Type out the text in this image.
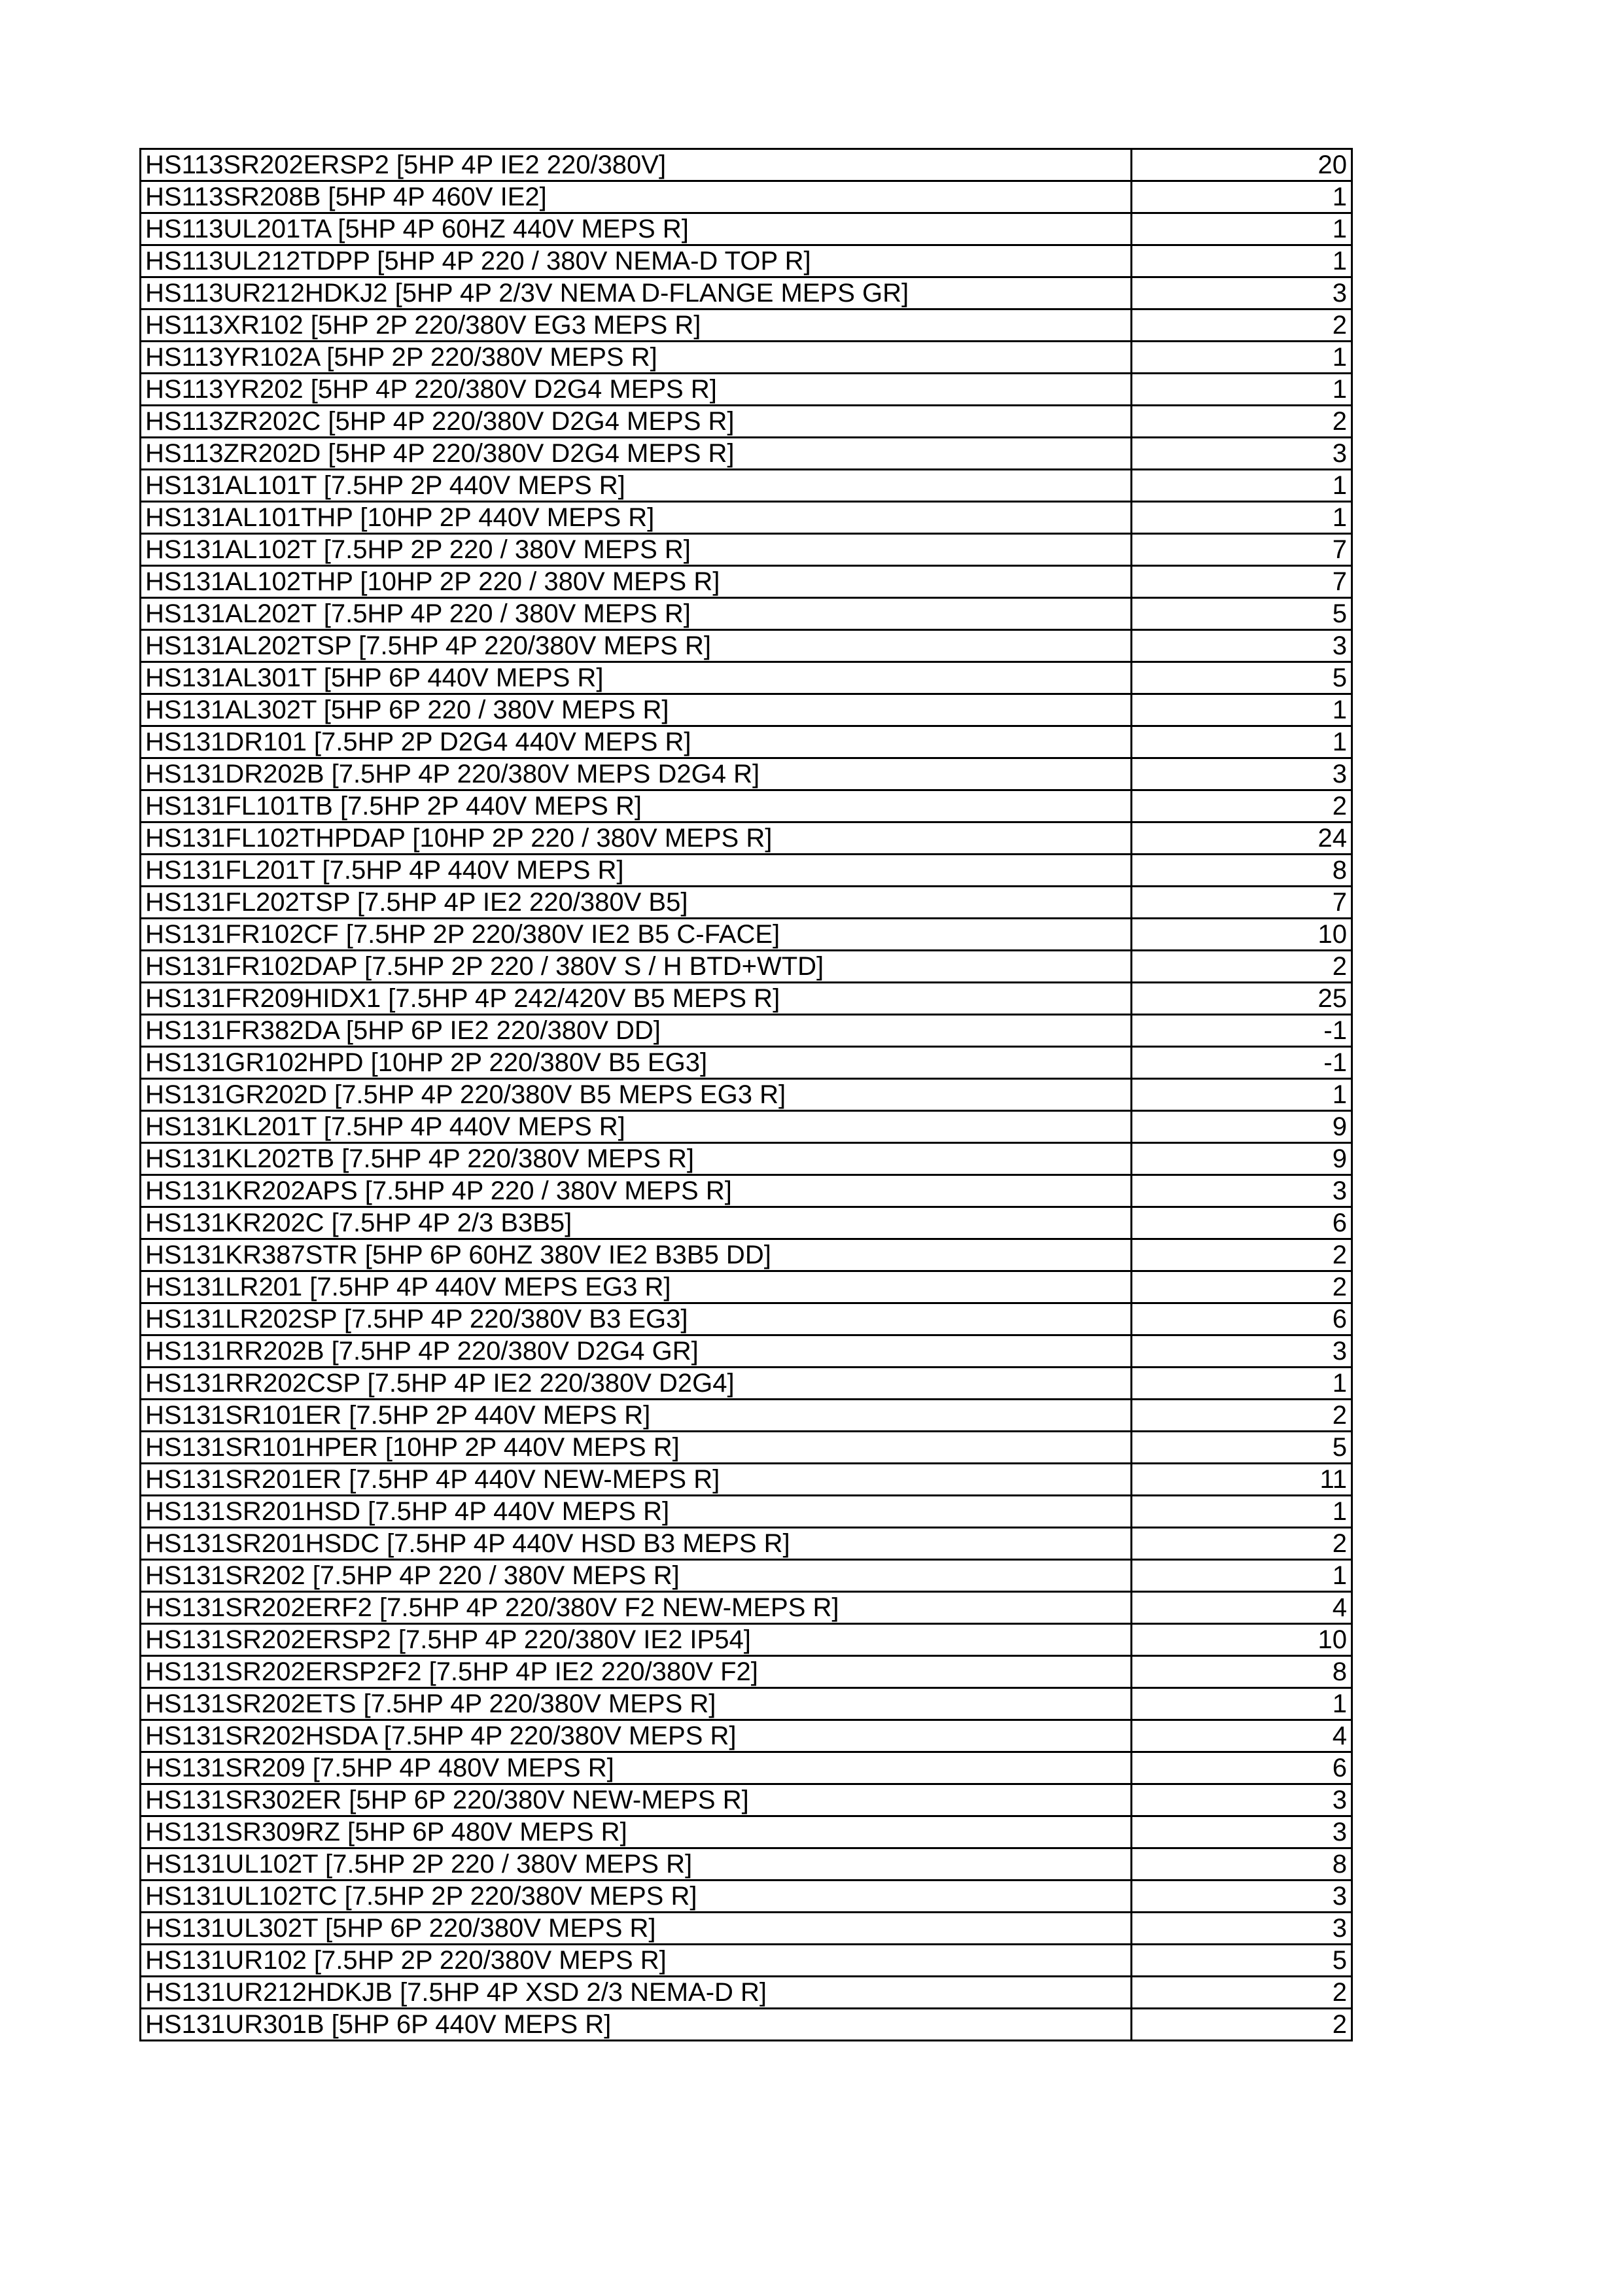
HS113SR202ERSP2 [5HP 4P IE2 220/380V]	20
HS113SR208B [5HP 4P 460V IE2]	1
HS113UL201TA [5HP 4P 60HZ 440V MEPS R]	1
HS113UL212TDPP [5HP 4P 220 / 380V NEMA-D TOP R]	1
HS113UR212HDKJ2 [5HP 4P 2/3V NEMA D-FLANGE MEPS GR]	3
HS113XR102 [5HP 2P 220/380V EG3 MEPS R]	2
HS113YR102A [5HP 2P 220/380V MEPS R]	1
HS113YR202 [5HP 4P 220/380V D2G4 MEPS R]	1
HS113ZR202C [5HP 4P 220/380V D2G4 MEPS R]	2
HS113ZR202D [5HP 4P 220/380V D2G4 MEPS R]	3
HS131AL101T [7.5HP 2P 440V MEPS R]	1
HS131AL101THP [10HP 2P 440V MEPS R]	1
HS131AL102T [7.5HP 2P 220 / 380V MEPS R]	7
HS131AL102THP [10HP 2P 220 / 380V MEPS R]	7
HS131AL202T [7.5HP 4P 220 / 380V MEPS R]	5
HS131AL202TSP [7.5HP 4P 220/380V MEPS R]	3
HS131AL301T [5HP 6P 440V MEPS R]	5
HS131AL302T [5HP 6P 220 / 380V MEPS R]	1
HS131DR101 [7.5HP 2P D2G4 440V MEPS R]	1
HS131DR202B [7.5HP 4P 220/380V MEPS D2G4 R]	3
HS131FL101TB [7.5HP 2P 440V MEPS R]	2
HS131FL102THPDAP [10HP 2P 220 / 380V MEPS R]	24
HS131FL201T [7.5HP 4P 440V MEPS R]	8
HS131FL202TSP [7.5HP 4P IE2 220/380V B5]	7
HS131FR102CF [7.5HP 2P 220/380V IE2 B5 C-FACE]	10
HS131FR102DAP [7.5HP 2P 220 / 380V S / H BTD+WTD]	2
HS131FR209HIDX1 [7.5HP 4P 242/420V B5 MEPS R]	25
HS131FR382DA [5HP 6P IE2 220/380V DD]	-1
HS131GR102HPD [10HP 2P 220/380V B5 EG3]	-1
HS131GR202D [7.5HP 4P 220/380V B5 MEPS EG3 R]	1
HS131KL201T [7.5HP 4P 440V MEPS R]	9
HS131KL202TB [7.5HP 4P 220/380V MEPS R]	9
HS131KR202APS [7.5HP 4P 220 / 380V MEPS R]	3
HS131KR202C [7.5HP 4P 2/3 B3B5]	6
HS131KR387STR [5HP 6P 60HZ 380V IE2 B3B5 DD]	2
HS131LR201 [7.5HP 4P 440V MEPS EG3 R]	2
HS131LR202SP [7.5HP 4P 220/380V B3 EG3]	6
HS131RR202B [7.5HP 4P 220/380V D2G4 GR]	3
HS131RR202CSP [7.5HP 4P IE2 220/380V D2G4]	1
HS131SR101ER [7.5HP 2P 440V MEPS R]	2
HS131SR101HPER [10HP 2P 440V MEPS R]	5
HS131SR201ER [7.5HP 4P 440V NEW-MEPS R]	11
HS131SR201HSD [7.5HP 4P 440V MEPS R]	1
HS131SR201HSDC [7.5HP 4P 440V HSD B3 MEPS R]	2
HS131SR202 [7.5HP 4P 220 / 380V MEPS R]	1
HS131SR202ERF2 [7.5HP 4P 220/380V F2 NEW-MEPS R]	4
HS131SR202ERSP2 [7.5HP 4P 220/380V IE2 IP54]	10
HS131SR202ERSP2F2 [7.5HP 4P IE2 220/380V F2]	8
HS131SR202ETS [7.5HP 4P 220/380V MEPS R]	1
HS131SR202HSDA [7.5HP 4P 220/380V MEPS R]	4
HS131SR209 [7.5HP 4P 480V MEPS R]	6
HS131SR302ER [5HP 6P 220/380V NEW-MEPS R]	3
HS131SR309RZ [5HP 6P 480V MEPS R]	3
HS131UL102T [7.5HP 2P 220 / 380V MEPS R]	8
HS131UL102TC [7.5HP 2P 220/380V MEPS R]	3
HS131UL302T [5HP 6P 220/380V MEPS R]	3
HS131UR102 [7.5HP 2P 220/380V MEPS R]	5
HS131UR212HDKJB [7.5HP 4P XSD 2/3 NEMA-D R]	2
HS131UR301B [5HP 6P 440V MEPS R]	2
